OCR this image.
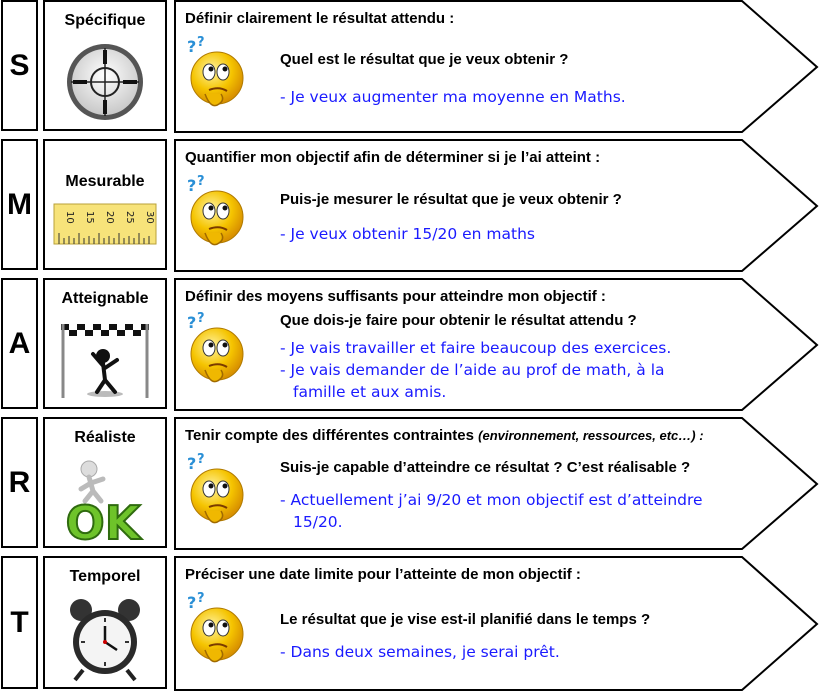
S
Spécifique	Définir clairement le résultat attendu :
Quel est le résultat que je veux obtenir ?
- Je veux augmenter ma moyenne en Maths.
M
Mesurable
10 15 20 25 30
Quantifier mon objectif afin de déterminer si je l’ai atteint :
Puis-je mesurer le résultat que je veux obtenir ?
- Je veux obtenir 15/20 en maths
A
Atteignable	Définir des moyens suffisants pour atteindre mon objectif :
Que dois-je faire pour obtenir le résultat attendu ?
- Je vais travailler et faire beaucoup des exercices.
- Je vais demander de l’aide au prof de math, à la
famille et aux amis.
R
Réaliste
OK
Tenir compte des différentes contraintes (environnement, ressources, etc…) :
Suis-je capable d’atteindre ce résultat ? C’est réalisable ?
- Actuellement j’ai 9/20 et mon objectif est d’atteindre
15/20.
T
Temporel	Préciser une date limite pour l’atteinte de mon objectif :
Le résultat que je vise est-il planifié dans le temps ?
- Dans deux semaines, je serai prêt.
